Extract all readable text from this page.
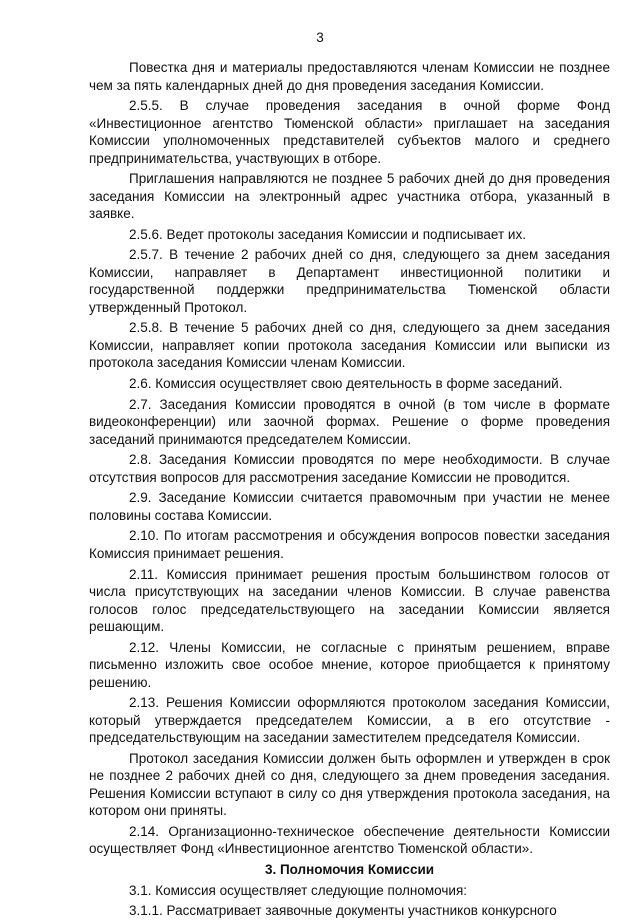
3

Повестка дня и материалы предоставляются членам Комиссии не позднее чем за пять календарных дней до дня проведения заседания Комиссии.

2.5.5. В случае проведения заседания в очной форме Фонд «Инвестиционное агентство Тюменской области» приглашает на заседания Комиссии уполномоченных представителей субъектов малого и среднего предпринимательства, участвующих в отборе.

Приглашения направляются не позднее 5 рабочих дней до дня проведения заседания Комиссии на электронный адрес участника отбора, указанный в заявке.

2.5.6. Ведет протоколы заседания Комиссии и подписывает их.

2.5.7. В течение 2 рабочих дней со дня, следующего за днем заседания Комиссии, направляет в Департамент инвестиционной политики и государственной поддержки предпринимательства Тюменской области утвержденный Протокол.

2.5.8. В течение 5 рабочих дней со дня, следующего за днем заседания Комиссии, направляет копии протокола заседания Комиссии или выписки из протокола заседания Комиссии членам Комиссии.

2.6. Комиссия осуществляет свою деятельность в форме заседаний.

2.7. Заседания Комиссии проводятся в очной (в том числе в формате видеоконференции) или заочной формах. Решение о форме проведения заседаний принимаются председателем Комиссии.

2.8. Заседания Комиссии проводятся по мере необходимости. В случае отсутствия вопросов для рассмотрения заседание Комиссии не проводится.

2.9. Заседание Комиссии считается правомочным при участии не менее половины состава Комиссии.

2.10. По итогам рассмотрения и обсуждения вопросов повестки заседания Комиссия принимает решения.

2.11. Комиссия принимает решения простым большинством голосов от числа присутствующих на заседании членов Комиссии. В случае равенства голосов голос председательствующего на заседании Комиссии является решающим.

2.12. Члены Комиссии, не согласные с принятым решением, вправе письменно изложить свое особое мнение, которое приобщается к принятому решению.

2.13. Решения Комиссии оформляются протоколом заседания Комиссии, который утверждается председателем Комиссии, а в его отсутствие - председательствующим на заседании заместителем председателя Комиссии.

Протокол заседания Комиссии должен быть оформлен и утвержден в срок не позднее 2 рабочих дней со дня, следующего за днем проведения заседания. Решения Комиссии вступают в силу со дня утверждения протокола заседания, на котором они приняты.

2.14. Организационно-техническое обеспечение деятельности Комиссии осуществляет Фонд «Инвестиционное агентство Тюменской области».

3. Полномочия Комиссии

3.1. Комиссия осуществляет следующие полномочия:

3.1.1. Рассматривает заявочные документы участников конкурсного
